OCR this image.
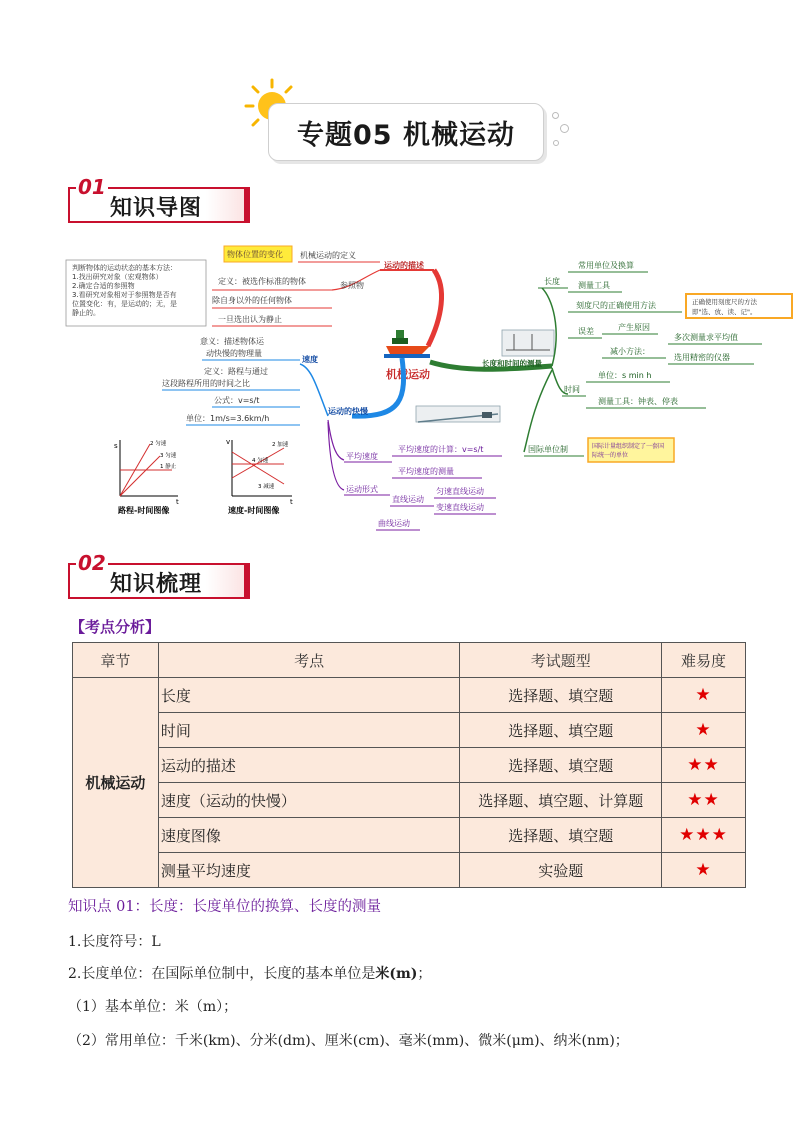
专题05 机械运动
01
知识导图
判断物体的运动状态的基本方法：
1.找出研究对象（宏观物体）
2.确定合适的参照物
3.看研究对象相对于参照物是否有
位置变化：有，是运动的；无，是
静止的。
机械运动
运动的描述
物体位置的变化 机械运动的定义
参照物
定义：被选作标准的物体
除自身以外的任何物体
一旦选出认为静止
运动的快慢
速度
意义：描述物体运
动快慢的物理量
定义：路程与通过
这段路程所用的时间之比
公式：v=s/t
单位：1m/s=3.6km/h
平均速度
平均速度的计算：v=s/t
平均速度的测量
运动形式
直线运动
匀速直线运动
变速直线运动
曲线运动
s
t
2 匀速
3 匀速
1 静止
路程-时间图像
v
t
2 加速
4 匀速
3 减速
速度-时间图像
长度和时间的测量
长度
常用单位及换算
测量工具
刻度尺的正确使用方法	正确使用刻度尺的方法
即"选、放、读、记"。
误差	产生原因
减小方法：
多次测量求平均值
选用精密的仪器
时间
单位：s min h
测量工具：钟表、停表
国际单位制	国际计量组织制定了一套国
际统一的单位
02
知识梳理
【考点分析】
章节	考点	考试题型	难易度
机械运动	长度	选择题、填空题	★
	时间	选择题、填空题	★
	运动的描述	选择题、填空题	★★
	速度（运动的快慢）	选择题、填空题、计算题	★★
	速度图像	选择题、填空题	★★★
	测量平均速度	实验题	★
知识点 01：长度：长度单位的换算、长度的测量
1.长度符号：L
2.长度单位：在国际单位制中，长度的基本单位是米(m)；
（1）基本单位：米（m）；
（2）常用单位：千米(km)、分米(dm)、厘米(cm)、毫米(mm)、微米(μm)、纳米(nm)；
